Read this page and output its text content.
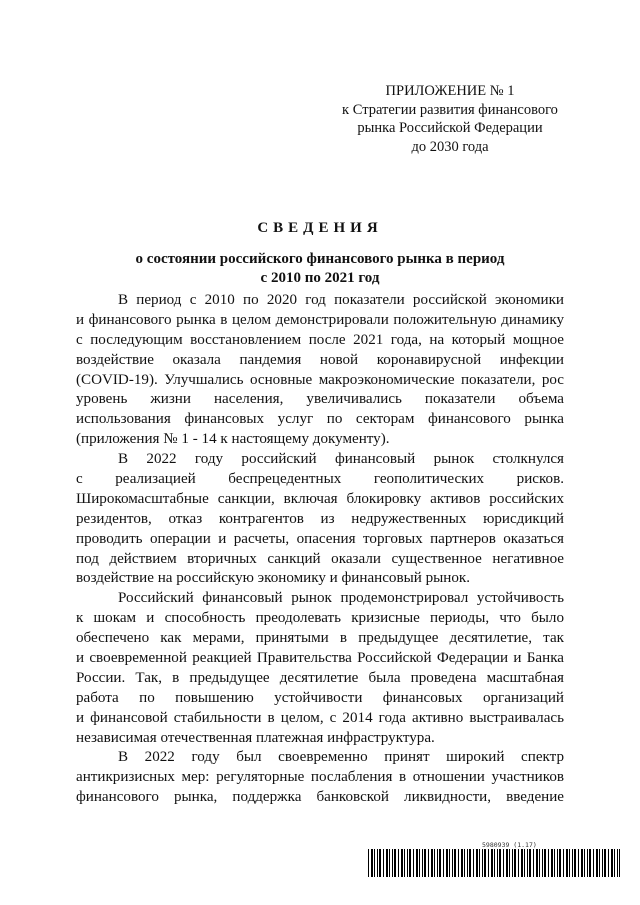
ПРИЛОЖЕНИЕ № 1
к Стратегии развития финансового
рынка Российской Федерации
до 2030 года
СВЕДЕНИЯ
о состоянии российского финансового рынка в период
с 2010 по 2021 год
В период с 2010 по 2020 год показатели российской экономики
и финансового рынка в целом демонстрировали положительную динамику
с последующим восстановлением после 2021 года, на который мощное
воздействие оказала пандемия новой коронавирусной инфекции
(COVID-19). Улучшались основные макроэкономические показатели, рос
уровень жизни населения, увеличивались показатели объема
использования финансовых услуг по секторам финансового рынка
(приложения № 1 - 14 к настоящему документу).
В 2022 году российский финансовый рынок столкнулся
с реализацией беспрецедентных геополитических рисков.
Широкомасштабные санкции, включая блокировку активов российских
резидентов, отказ контрагентов из недружественных юрисдикций
проводить операции и расчеты, опасения торговых партнеров оказаться
под действием вторичных санкций оказали существенное негативное
воздействие на российскую экономику и финансовый рынок.
Российский финансовый рынок продемонстрировал устойчивость
к шокам и способность преодолевать кризисные периоды, что было
обеспечено как мерами, принятыми в предыдущее десятилетие, так
и своевременной реакцией Правительства Российской Федерации и Банка
России. Так, в предыдущее десятилетие была проведена масштабная
работа по повышению устойчивости финансовых организаций
и финансовой стабильности в целом, с 2014 года активно выстраивалась
независимая отечественная платежная инфраструктура.
В 2022 году был своевременно принят широкий спектр
антикризисных мер: регуляторные послабления в отношении участников
финансового рынка, поддержка банковской ликвидности, введение
5980939 (1.17)
